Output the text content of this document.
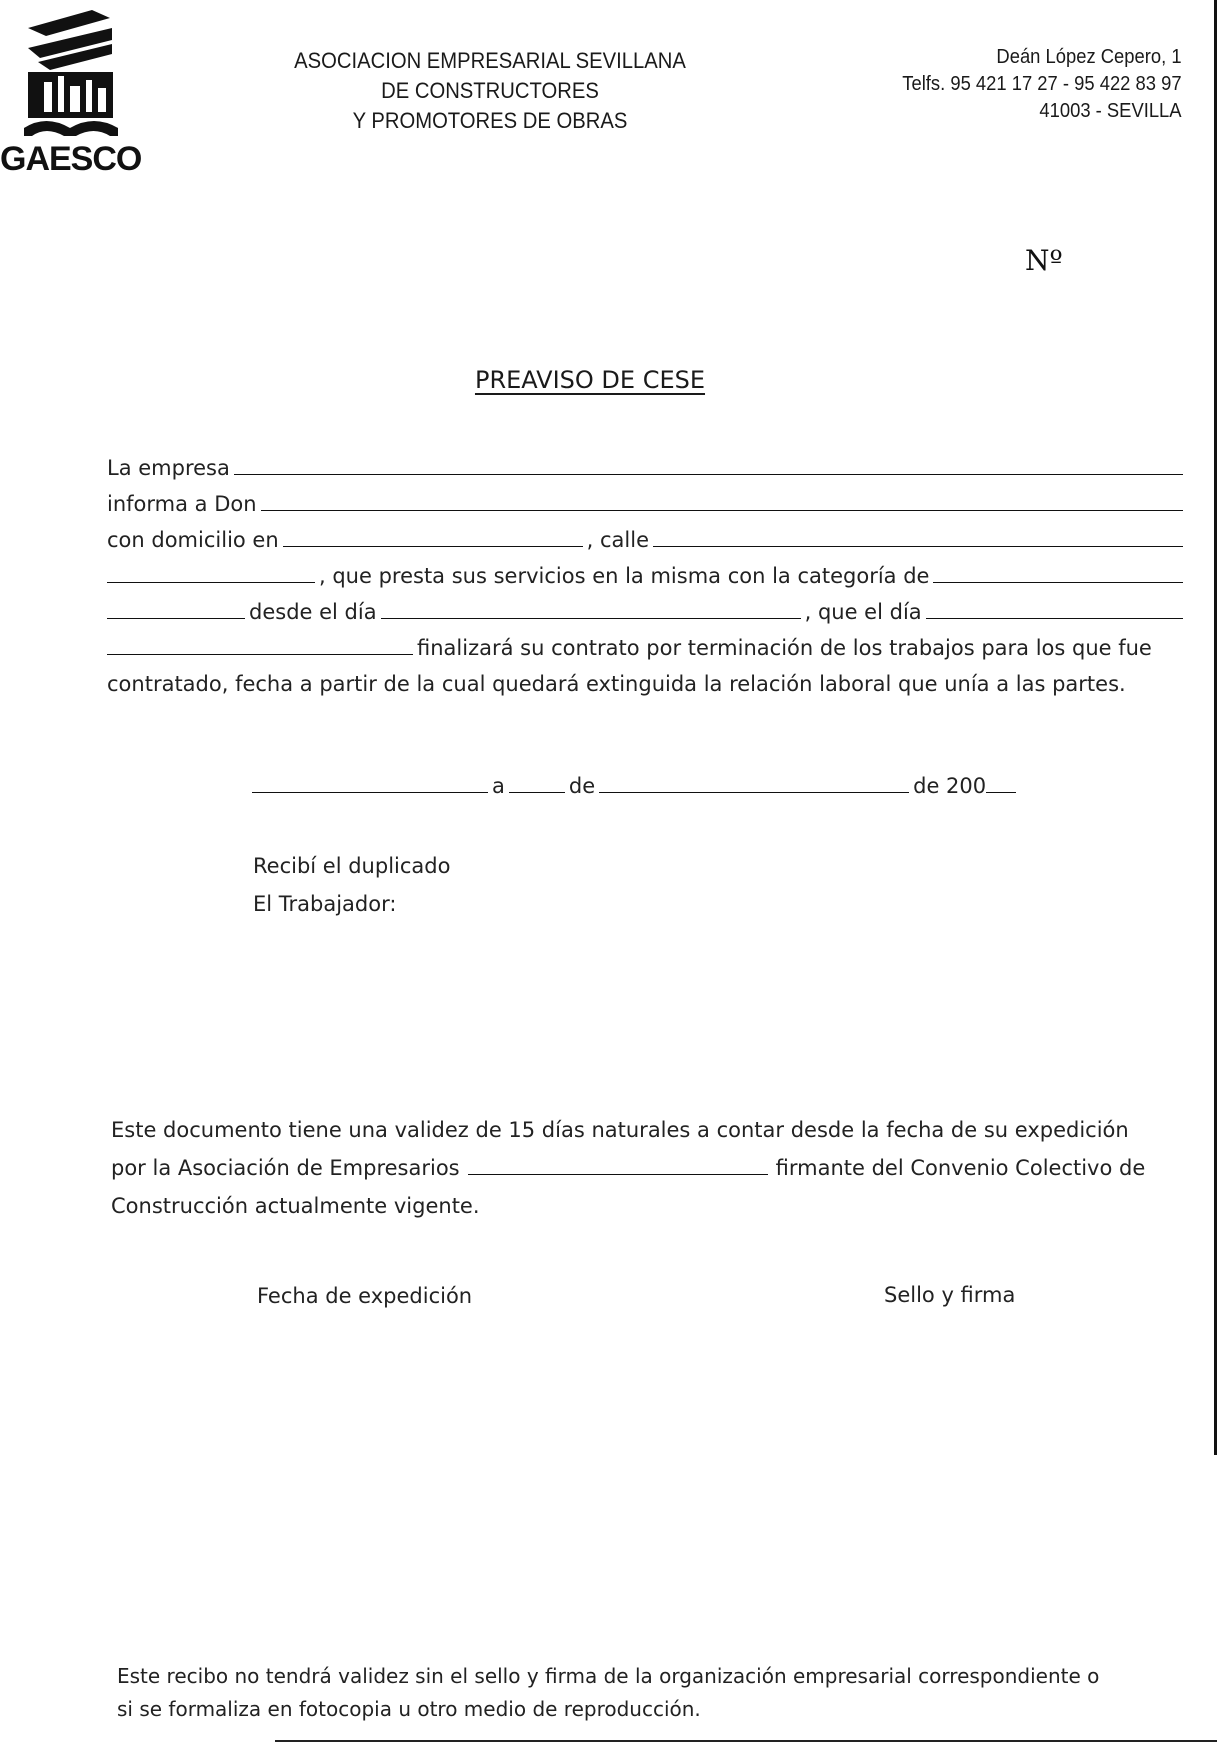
GAESCO
ASOCIACION EMPRESARIAL SEVILLANA
DE CONSTRUCTORES
Y PROMOTORES DE OBRAS
Deán López Cepero, 1
Telfs. 95 421 17 27 - 95 422 83 97
41003 - SEVILLA
Nº
PREAVISO DE CESE
La empresa
informa a Don
con domicilio en	, calle
, que presta sus servicios en la misma con la categoría de
desde el día	, que el día
finalizará su contrato por terminación de los trabajos para los que fue
contratado, fecha a partir de la cual quedará extinguida la relación laboral que unía a las partes.
a	de	de 200
Recibí el duplicado
El Trabajador:
Este documento tiene una validez de 15 días naturales a contar desde la fecha de su expedición
por la Asociación de Empresarios	firmante del Convenio Colectivo de
Construcción actualmente vigente.
Fecha de expedición	Sello y firma
Este recibo no tendrá validez sin el sello y firma de la organización empresarial correspondiente o
si se formaliza en fotocopia u otro medio de reproducción.
